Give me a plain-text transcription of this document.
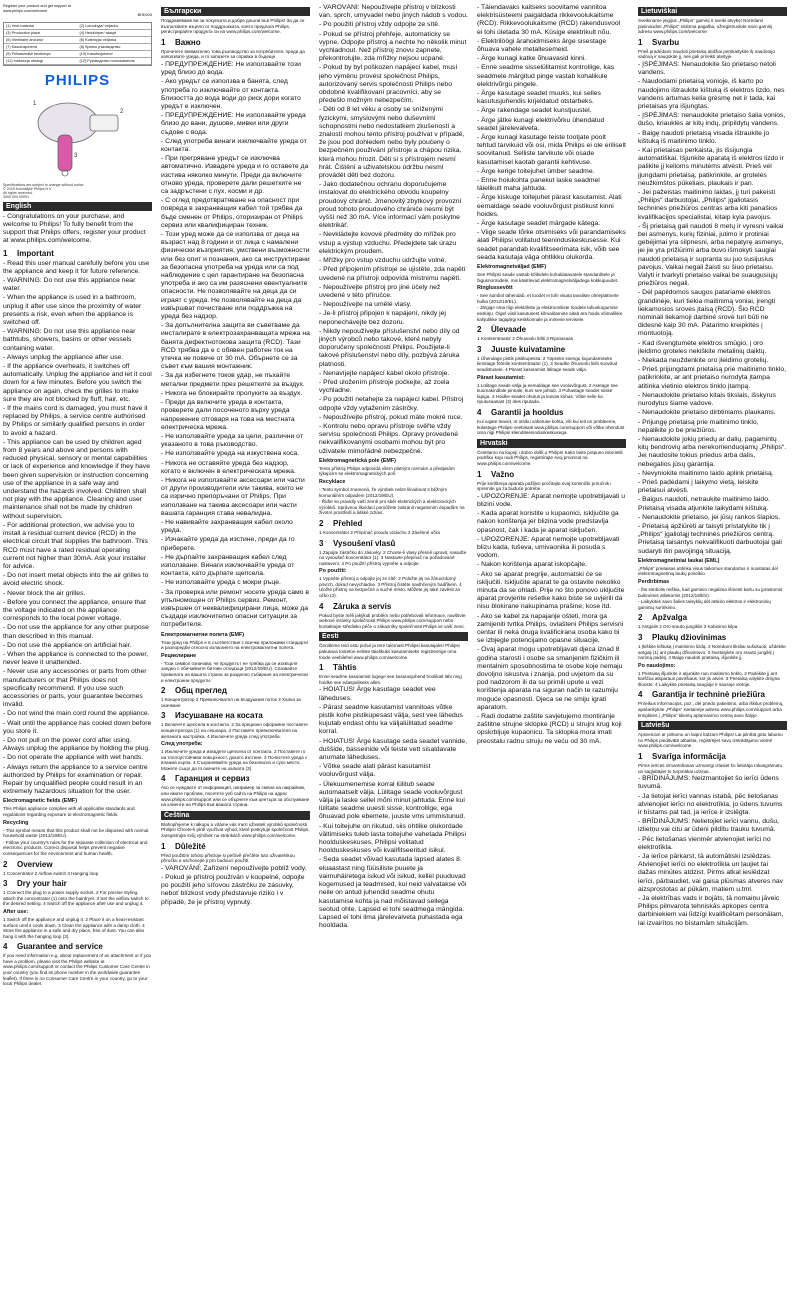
Register your product and get support at
www.philips.com/welcome
BHD003
(1) Vent material	(2) Lomolnyja/ veljarka
(3) Production place	(4) Heizkörper/ ataupt
(5) Vientilaire ancurrur	(6) Kotelnyja/ veljarka
(7) Kasutusjuhend	(8) Кратко ръководство
(9) Felhasználói kézikönyv	(10) Kasutusjuhend
(11) Instrukcja obsługi	(12) Руководство пользователя
PHILIPS
1
2
3
Specifications are subject to change without notice
© 2018 Koninklijke Philips N.V.
All rights reserved.
3000 000 00091
English
- Congratulations on your purchase, and welcome to Philips! To fully benefit from the support that Philips offers, register your product at www.philips.com/welcome.
1 Important
- Read this user manual carefully before you use the appliance and keep it for future reference.
- WARNING: Do not use this appliance near water.
- When the appliance is used in a bathroom, unplug it after use since the proximity of water presents a risk, even when the appliance is switched off.
- WARNING: Do not use this appliance near bathtubs, showers, basins or other vessels containing water.
- Always unplug the appliance after use.
- If the appliance overheats, it switches off automatically. Unplug the appliance and let it cool down for a few minutes. Before you switch the appliance on again, check the grilles to make sure they are not blocked by fluff, hair, etc.
- If the mains cord is damaged, you must have it replaced by Philips, a service centre authorised by Philips or similarly qualified persons in order to avoid a hazard.
- This appliance can be used by children aged from 8 years and above and persons with reduced physical, sensory or mental capabilities or lack of experience and knowledge if they have been given supervision or instruction concerning use of the appliance in a safe way and understand the hazards involved. Children shall not play with the appliance. Cleaning and user maintenance shall not be made by children without supervision.
- For additional protection, we advise you to install a residual current device (RCD) in the electrical circuit that supplies the bathroom. This RCD must have a rated residual operating current not higher than 30mA. Ask your installer for advice.
- Do not insert metal objects into the air grilles to avoid electric shock.
- Never block the air grilles.
- Before you connect the appliance, ensure that the voltage indicated on the appliance corresponds to the local power voltage.
- Do not use the appliance for any other purpose than described in this manual.
- Do not use the appliance on artificial hair.
- When the appliance is connected to the power, never leave it unattended.
- Never use any accessories or parts from other manufacturers or that Philips does not specifically recommend. If you use such accessories or parts, your guarantee becomes invalid.
- Do not wind the main cord round the appliance.
- Wait until the appliance has cooled down before you store it.
- Do not pull on the power cord after using. Always unplug the appliance by holding the plug.
- Do not operate the appliance with wet hands.
- Always return the appliance to a service centre authorized by Philips for examination or repair. Repair by unqualified people could result in an extremely hazardous situation for the user.
Electromagnetic fields (EMF)
This Philips appliance complies with all applicable standards and regulations regarding exposure to electromagnetic fields.
Recycling
- This symbol means that this product shall not be disposed with normal household waste (2012/19/EU).
- Follow your country's rules for the separate collection of electrical and electronic products. Correct disposal helps prevent negative consequences for the environment and human health.
2 Overview
1 Concentrator 2 Airflow switch 3 Hanging loop
3 Dry your hair
1 Connect the plug to a power supply socket. 2 For precise styling, attach the concentrator (1) onto the hairdryer. 3 Set the airflow switch to the desired setting. 4 Switch off the appliance after use and unplug it.
After use:
1 Switch off the appliance and unplug it. 2 Place it on a heat-resistant surface until it cools down. 3 Clean the appliance with a damp cloth. 4 Store the appliance in a safe and dry place, free of dust. You can also hang it with the hanging loop (3).
4 Guarantee and service
If you need information e.g. about replacement of an attachment or if you have a problem, please visit the Philips website at www.philips.com/support or contact the Philips Customer Care Centre in your country (you find its phone number in the worldwide guarantee leaflet). If there is no Consumer Care Centre in your country, go to your local Philips dealer.
Български
Поздравяваме ви за покупката и добре дошли във Philips! За да се възползвате изцяло от поддръжката, която предлага Philips, регистрирайте продукта си на www.philips.com/welcome.
1 Важно
Прочетете внимателно това ръководство за потребителя, преди да използвате уреда, и го запазете за справка в бъдеще.
- ПРЕДУПРЕЖДЕНИЕ: Не използвайте този уред близо до вода.
- Ако уредът се използва в банята, след употреба го изключвайте от контакта. Близостта до вода води до риск дори когато уредът е изключен.
- ПРЕДУПРЕЖДЕНИЕ: Не използвайте уреда близо до вани, душове, мивки или други съдове с вода.
- След употреба винаги изключвайте уреда от контакта.
- При прегряване уредът се изключва автоматично. Извадете уреда и го оставете да изстива няколко минути. Преди да включите отново уреда, проверете дали решетките не са задръстени с пух, косми и др.
- С оглед предотвратяване на опасност при повреда в захранващия кабел той трябва да бъде сменен от Philips, оторизиран от Philips сервиз или квалифициран техник.
- Този уред може да се използва от деца на възраст над 8 години и от лица с намалени физически възприятия, умствени възможности или без опит и познания, ако са инструктирани за безопасна употреба на уреда или са под наблюдение с цел гарантиране на безопасна употреба и ако са им разяснени евентуалните опасности. Не позволявайте на деца да си играят с уреда. Не позволявайте на деца да извършват почистване или поддръжка на уреда без надзор.
- За допълнителна защита ви съветваме да инсталирате в електрозахранващата мрежа на банята дефектнотокова защита (RCD). Тази RCD трябва да е с обявен работен ток на утечка не повече от 30 mA. Обърнете се за съвет към вашия монтажник.
- За да избегнете токов удар, не пъхайте метални предмети през решетките за въздух.
- Никога не блокирайте пролуките за въздух.
- Преди да включите уреда в контакта, проверете дали посоченото върху уреда напрежение отговаря на това на местната електрическа мрежа.
- Не използвайте уреда за цели, различни от указаното в това ръководство.
- Не използвайте уреда на изкуствена коса.
- Никога не оставяйте уреда без надзор, когато е включен в електрическата мрежа.
- Никога не използвайте аксесоари или части от други производители или такива, които не са изрично препоръчани от Philips. При използване на такива аксесоари или части вашата гаранция става невалидна.
- Не навивайте захранващия кабел около уреда.
- Изчакайте уреда да изстине, преди да го приберете.
- Не дърпайте захранващия кабел след използване. Винаги изключвайте уреда от контакта, като дърпате щепсела.
- Не използвайте уреда с мокри ръце.
- За проверка или ремонт носете уреда само в упълномощен от Philips сервиз. Ремонт, извършен от неквалифицирани лица, може да създаде изключително опасни ситуации за потребителя.
Електромагнитни полета (EMF)
Този уред на Philips е в съответствие с всички приложими стандарти и разпоредби относно излагането на електромагнитни полета.
Рециклиране
- Този символ означава, че продуктът не трябва да се изхвърля заедно с обичайните битови отпадъци (2012/19/EU). Спазвайте правилата на вашата страна за разделно събиране на електрически и електронни продукти.
2 Общ преглед
1 Концентратор 2 Превключвател на въздушния поток 3 Халка за окачване
3 Изсушаване на косата
1 Включете щепсела в контакта. 2 За прецизно оформяне поставете концентратора (1) на сешоара. 3 Поставете превключвателя на желаната настройка. 4 Изключете уреда след употреба.
След употреба:
1 Изключете уреда и извадете щепсела от контакта. 2 Поставете го на топлоустойчива повърхност, докато изстине. 3 Почистете уреда с влажна кърпа. 4 Съхранявайте уреда на безопасно и сухо място. Можете също да го окачите на халката (3).
4 Гаранция и сервиз
Ако се нуждаете от информация, например за смяна на накрайник, или имате проблем, посетете уеб сайта на Philips на адрес www.philips.com/support или се обърнете към центъра за обслужване на клиенти на Philips във вашата страна.
Čeština
Blahopřejeme k nákupu a vítáme vás mezi uživateli výrobků společnosti Philips! Chcete-li plně využívat výhod, které poskytuje společnost Philips, zaregistrujte svůj výrobek na stránkách www.philips.com/welcome.
1 Důležité
Před použitím tohoto přístroje si pečlivě přečtěte tuto uživatelskou příručku a uschovejte ji pro budoucí použití.
- VAROVÁNÍ: Zařízení nepoužívejte poblíž vody.
- Pokud je přístroj používán v koupelně, odpojte po použití jeho síťovou zástrčku ze zásuvky, neboť blízkost vody představuje riziko i v případě, že je přístroj vypnutý.
- VAROVÁNÍ: Nepoužívejte přístroj v blízkosti van, sprch, umyvadel nebo jiných nádob s vodou.
- Po použití přístroj vždy odpojte ze sítě.
- Pokud se přístroj přehřeje, automaticky se vypne. Odpojte přístroj a nechte ho několik minut vychladnout. Než přístroj znovu zapnete, překontrolujte, zda mřížky nejsou ucpané.
- Pokud by byl poškozen napájecí kabel, musí jeho výměnu provést společnost Philips, autorizovaný servis společnosti Philips nebo obdobně kvalifikovaní pracovníci, aby se předešlo možným nebezpečím.
- Děti od 8 let věku a osoby se sníženými fyzickými, smyslovými nebo duševními schopnostmi nebo nedostatkem zkušeností a znalostí mohou tento přístroj používat v případě, že jsou pod dohledem nebo byly poučeny o bezpečném používání přístroje a chápou rizika, která mohou hrozit. Děti si s přístrojem nesmí hrát. Čištění a uživatelskou údržbu nesmí provádět děti bez dozoru.
- Jako dodatečnou ochranu doporučujeme instalovat do elektrického obvodu koupelny proudový chránič. Jmenovitý zbytkový provozní proud tohoto proudového chrániče nesmí být vyšší než 30 mA. Více informací vám poskytne elektrikář.
- Nevkládejte kovové předměty do mřížek pro vstup a výstup vzduchu. Předejdete tak úrazu elektrickým proudem.
- Mřížky pro vstup vzduchu udržujte volné.
- Před připojením přístroje se ujistěte, zda napětí uvedené na přístroji odpovídá místnímu napětí.
- Nepoužívejte přístroj pro jiné účely než uvedené v této příručce.
- Nepoužívejte na umělé vlasy.
- Je-li přístroj připojen k napájení, nikdy jej neponechávejte bez dozoru.
- Nikdy nepoužívejte příslušenství nebo díly od jiných výrobců nebo takové, které nebyly doporučeny společností Philips. Použijete-li takové příslušenství nebo díly, pozbývá záruka platnosti.
- Nenavíjejte napájecí kabel okolo přístroje.
- Před uložením přístroje počkejte, až zcela vychladne.
- Po použití netahejte za napájecí kabel. Přístroj odpojte vždy vytažením zástrčky.
- Nepoužívejte přístroj, pokud máte mokré ruce.
- Kontrolu nebo opravu přístroje svěřte vždy servisu společnosti Philips. Opravy provedené nekvalifikovanými osobami mohou být pro uživatele mimořádně nebezpečné.
Elektromagnetická pole (EMF)
Tento přístroj Philips odpovídá všem platným normám a předpisům týkajícím se elektromagnetických polí.
Recyklace
- Tento symbol znamená, že výrobek nelze likvidovat s běžným komunálním odpadem (2012/19/EU).
- Řiďte se pravidly vaší země pro sběr elektrických a elektronických výrobků. Správnou likvidací pomůžete zabránit negativním dopadům na životní prostředí a lidské zdraví.
2 Přehled
1 Koncentrátor 2 Přepínač proudu vzduchu 3 Závěsné očko
3 Vysoušení vlasů
1 Zapojte zástrčku do zásuvky. 2 Chcete-li vlasy přesně upravit, nasaďte na vysoušeč koncentrátor (1). 3 Nastavte přepínač na požadované nastavení. 4 Po použití přístroj vypněte a odpojte.
Po použití:
1 Vypněte přístroj a odpojte jej ze sítě. 2 Položte jej na žáruvzdorný povrch, dokud nevychladne. 3 Přístroj čistěte navlhčeným hadříkem. 4 Uložte přístroj na bezpečné a suché místo. Můžete jej také zavěsit za očko (3).
4 Záruka a servis
Pokud byste měli jakýkoli problém nebo potřebovali informace, navštivte webové stránky společnosti Philips www.philips.com/support nebo kontaktujte středisko péče o zákazníky společnosti Philips ve vaší zemi.
Eesti
Õnnitleme teid ostu puhul ja tere tulemast Philipsi kasutajaks! Philipsi pakutava tootetoe eeliste täielikuks kasutamiseks registreerige oma toode veebilehel www.philips.com/welcome.
1 Tähtis
Enne seadme kasutamist lugege see kasutusjuhend hoolikalt läbi ning hoidke see edaspidiseks alles.
- HOIATUS! Ärge kasutage seadet vee läheduses.
- Pärast seadme kasutamist vannitoas võtke pistik kohe pistikupesast välja, sest vee lähedus kujutab endast ohtu ka väljalülitatud seadme korral.
- HOIATUS! Ärge kasutage seda seadet vannide, duššide, basseinide või teiste vett sisaldavate anumate läheduses.
- Võtke seade alati pärast kasutamist vooluvõrgust välja.
- Ülekuumenemise korral lülitub seade automaatselt välja. Lülitage seade vooluvõrgust välja ja laske sellel mõni minut jahtuda. Enne kui lülitate seadme uuesti sisse, kontrollige, ega õhuavad pole ebemete, juuste vms ummistunud.
- Kui toitejuhe on rikutud, siis ohtlike olukordade vältimiseks tuleb lasta toitejuhe vahetada Philipsi hoolduskeskuses, Philipsi volitatud hoolduskeskuses või kvalifitseeritud isikul.
- Seda seadet võivad kasutada lapsed alates 8. eluaastast ning füüsiliste puuete ja vaimuhäiretega isikud või isikud, kellel puuduvad kogemused ja teadmised, kui neid valvatakse või neile on antud juhendid seadme ohutu kasutamise kohta ja nad mõistavad sellega seotud ohte. Lapsed ei tohi seadmega mängida. Lapsed ei tohi ilma järelevalveta puhastada ega hooldada.
- Täiendavaks kaitseks soovitame vannitoa elektrisüsteemi paigaldada rikkevoolukaitsme (RCD). Rikkevoolukaitsme (RCD) rakendusvool ei tohi ületada 30 mA. Küsige elektrikult nõu.
- Elektrilöögi ärahoidmiseks ärge sisestage õhuava vahele metallesemeid.
- Ärge kunagi katke õhuavasid kinni.
- Enne seadme sisselülitamist kontrollige, kas seadmele märgitud pinge vastab kohalikule elektrivõrgu pingele.
- Ärge kasutage seadet muuks, kui selles kasutusjuhendis kirjeldatud otstarbeks.
- Ärge rakendage seadet kunstjuustel.
- Ärge jätke kunagi elektrivõrku ühendatud seadet järelevalveta.
- Ärge kunagi kasutage teiste tootjate poolt tehtud tarvikuid või osi, mida Philips ei ole eriliselt soovitanud. Selliste tarvikute või osade kasutamisel kaotab garantii kehtivuse.
- Ärge kerige toitejuhet ümber seadme.
- Enne hoiukohta panekut laske seadmel täielikult maha jahtuda.
- Ärge kiskuge toitejuhet pärast kasutamist. Alati eemaldage seade vooluvõrgust pistikust kinni hoides.
- Ärge kasutage seadet märgade kätega.
- Viige seade tõrke otsimiseks või parandamiseks alati Philipsi volitatud teeninduskeskusesse. Kui seadet parandab kvalifitseerimata isik, võib see seada kasutaja väga ohtlikku olukorda.
Elektromagnetväljad (EMF)
See Philipsi seade vastab kõikidele kohaldatavatele standarditele ja õigusnormidele, mis käsitlevad elektromagnetväljadega kokkupuudet.
Ringlussevõtt
- See sümbol tähendab, et toodet ei tohi visata tavaliste olmejäätmete hulka (2012/19/EL).
- Järgige oma riigi elektriliste ja elektrooniliste toodete lahuskogumise eeskirju. Õigel viisil kasutusest kõrvaldamine aitab ära hoida võimalikke kahjulikke tagajärgi keskkonnale ja inimese tervisele.
2 Ülevaade
1 Kontsentraator 2 Õhuvoolu lüliti 3 Riputusaas
3 Juuste kuivatamine
1 Ühendage pistik pistikupessa. 2 Täpseks soengu kujundamiseks kinnitage föönile kontsentraator (1). 3 Seadke õhuvoolu lüliti soovitud seadistusele. 4 Pärast kasutamist lülitage seade välja.
Pärast kasutamist:
1 Lülitage seade välja ja eemaldage see vooluvõrgust. 2 Asetage see kuumakindlale pinnale, kuni see jahtub. 3 Puhastage seadet niiske lapiga. 4 Hoidke seadet ohutus ja kuivas kohas. Võite selle ka riputusaasast (3) üles riputada.
4 Garantii ja hooldus
Kui vajate teavet, nt otsiku vahetuse kohta, või kui teil on probleeme, külastage Philipsi veebisaiti www.philips.com/support või võtke ühendust oma riigi Philipsi klienditeeninduskeskusega.
Hrvatski
Čestitamo na kupnji i dobro došli u Philips! Kako biste potpuno iskoristili podršku koju nudi Philips, registrirajte svoj proizvod na www.philips.com/welcome.
1 Važno
Prije korištenja aparata pažljivo pročitajte ovaj korisnički priručnik i spremite ga za buduće potrebe.
- UPOZORENJE: Aparat nemojte upotrebljavati u blizini vode.
- Kada aparat koristite u kupaonici, isključite ga nakon korištenja jer blizina vode predstavlja opasnost, čak i kada je aparat isključen.
- UPOZORENJE: Aparat nemojte upotrebljavati blizu kada, tuševa, umivaonika ili posuda s vodom.
- Nakon korištenja aparat iskopčajte.
- Ako se aparat pregrije, automatski će se isključiti. Isključite aparat te ga ostavite nekoliko minuta da se ohladi. Prije no što ponovo uključite aparat provjerite rešetke kako biste se uvjerili da nisu blokirane nakupinama prašine, kose itd.
- Ako se kabel za napajanje ošteti, mora ga zamijeniti tvrtka Philips, ovlašteni Philips servisni centar ili neka druga kvalificirana osoba kako bi se izbjegle potencijalno opasne situacije.
- Ovaj aparat mogu upotrebljavati djeca iznad 8 godina starosti i osobe sa smanjenim fizičkim ili mentalnim sposobnostima te osobe koje nemaju dovoljno iskustva i znanja, pod uvjetom da su pod nadzorom ili da su primili upute u vezi korištenja aparata na siguran način te razumiju moguće opasnosti. Djeca se ne smiju igrati aparatom.
- Radi dodatne zaštite savjetujemo montiranje zaštitne strujne sklopke (RCD) u strujni krug koji opskrbljuje kupaonicu. Ta sklopka mora imati preostalu radnu struju ne veću od 30 mA.
Lietuviškai
Sveikiname įsigijus „Philips“ gaminį ir sveiki atvykę! Norėdami pasinaudoti „Philips“ siūloma pagalba, užregistruokite savo gaminį adresu www.philips.com/welcome.
1 Svarbu
Prieš pradėdami naudoti prietaisą atidžiai perskaitykite šį naudotojo vadovą ir saugokite jį, nes gali prireikti ateityje.
- ĮSPĖJIMAS: Nenaudokite šio prietaiso netoli vandens.
- Naudodami prietaisą vonioje, iš karto po naudojimo ištraukite kištuką iš elektros lizdo, nes vandens artumas kelia grėsmę net ir tada, kai prietaisas yra išjungtas.
- ĮSPĖJIMAS: nenaudokite prietaiso šalia vonios, dušo, kriauklės ar kitų indų, pripildytų vandens.
- Baigę naudoti prietaisą visada ištraukite jo kištuką iš maitinimo tinklo.
- Kai prietaisas perkaista, jis išsijungia automatiškai. Išjunkite aparatą iš elektros lizdo ir palikite jį kelioms minutėms atvėsti. Prieš vėl įjungdami prietaisą, patikrinkite, ar grotelės neužkimštos pūkeliais, plaukais ir pan.
- Jei pažeistas maitinimo laidas, jį turi pakeisti „Philips“ darbuotojai, „Philips“ įgaliotasis techninės priežiūros centras arba kiti panašios kvalifikacijos specialistai, kitaip kyla pavojus.
- Šį prietaisą gali naudoti 8 metų ir vyresni vaikai bei asmenys, kurių fiziniai, jutimo ir protiniai gebėjimai yra silpnesni, arba nepatyrę asmenys, jei jie yra prižiūrimi arba buvo išmokyti saugiai naudoti prietaisą ir supranta su juo susijusius pavojus. Vaikai negali žaisti su šiuo prietaisu. Valyti ir tvarkyti prietaiso vaikai be suaugusiųjų priežiūros negali.
- Dėl papildomos saugos patariame elektros grandinėje, kuri tiekia maitinimą voniai, įrengti liekamosios srovės įtaisą (RCD). Šio RCD nominali liekamoji darbinė srovė turi būti ne didesnė kaip 30 mA. Patarimo kreipkitės į montuotoją.
- Kad išvengtumėte elektros smūgio, į oro įleidimo groteles nekiškite metalinių daiktų.
- Niekada neuždenkite oro įleidimo grotelių.
- Prieš prijungdami prietaisą prie maitinimo tinklo, patikrinkite, ar ant prietaiso nurodyta įtampa atitinka vietinio elektros tinklo įtampą.
- Nenaudokite prietaiso kitais tikslais, išskyrus nurodytus šiame vadove.
- Nenaudokite prietaiso dirbtiniams plaukams.
- Prijungę prietaisą prie maitinimo tinklo, nepalikite jo be priežiūros.
- Nenaudokite jokių priedų ar dalių, pagamintų kitų bendrovių arba nerekomenduojamų „Philips“. Jei naudosite tokius priedus arba dalis, nebegalios jūsų garantija.
- Nevyniokite maitinimo laido aplink prietaisą.
- Prieš padėdami į laikymo vietą, leiskite prietaisui atvėsti.
- Baigus naudoti, netraukite maitinimo laido. Prietaisą visada atjunkite laikydami kištuką.
- Nenaudokite prietaiso, jei jūsų rankos šlapios.
- Prietaisą apžiūrėti ar taisyti pristatykite tik į „Philips“ įgaliotąjį techninės priežiūros centrą. Prietaisą taisantys nekvalifikuoti darbuotojai gali sudaryti itin pavojingą situaciją.
Elektromagnetiniai laukai (EML)
„Philips“ prietaisas atitinka visus taikomus standartus ir nuostatas dėl elektromagnetinių laukų poveikio.
Perdirbimas
- Šis simbolis reiškia, kad gaminio negalima išmesti kartu su įprastomis buitinėmis atliekomis (2012/19/ES).
- Laikykitės savo šalies taisyklių dėl atskiro elektros ir elektroninių gaminių surinkimo.
2 Apžvalga
1 Antgalis 2 Oro srauto jungiklis 3 Kabinimo kilpa
3 Plaukų džiovinimas
1 Įkiškite kištuką į maitinimo lizdą. 2 Norėdami tiksliai sušukuoti, uždėkite antgalį (1) ant plaukų džiovintuvo. 3 Nustatykite oro srauto jungiklį į norimą padėtį. 4 Baigę naudoti prietaisą, išjunkite jį.
Po naudojimo:
1 Prietaisą išjunkite ir atjunkite nuo maitinimo tinklo. 2 Padėkite jį ant karščiui atsparaus paviršiaus, kol jis atvės. 3 Prietaisą valykite drėgna šluoste. 4 Laikykite prietaisą saugioje ir sausoje vietoje.
4 Garantija ir techninė priežiūra
Prireikus informacijos, pvz., dėl priedo pakeitimo, arba iškilus problemų, apsilankykite „Philips“ svetainėje adresu www.philips.com/support arba kreipkitės į „Philips“ klientų aptarnavimo centrą savo šalyje.
Latviešu
Apsveicam ar pirkumu un laipni lūdzam Philips! Lai pilnībā gūtu labumu no Philips piedāvātā atbalsta, reģistrējiet savu izstrādājumu vietnē www.philips.com/welcome.
1 Svarīga informācija
Pirms ierīces izmantošanas uzmanīgi izlasiet šo lietotāja rokasgrāmatu un saglabājiet to turpmākai uzziņai.
- BRĪDINĀJUMS: Neizmantojiet šo ierīci ūdens tuvumā.
- Ja lietojat ierīci vannas istabā, pēc lietošanas atvienojiet ierīci no elektrotīkla, jo ūdens tuvums ir bīstams pat tad, ja ierīce ir izslēgta.
- BRĪDINĀJUMS: Nelietojiet ierīci vannu, dušu, izlietņu vai citu ar ūdeni pildītu trauku tuvumā.
- Pēc lietošanas vienmēr atvienojiet ierīci no elektrotīkla.
- Ja ierīce pārkarst, tā automātiski izslēdzas. Atvienojiet ierīci no elektrotīkla un ļaujiet tai dažas minūtes atdzist. Pirms atkal ieslēdzat ierīci, pārbaudiet, vai gaisa plūsmas atveres nav aizsprostotas ar pūkām, matiem u.tml.
- Ja elektrības vads ir bojāts, tā nomaiņu jāveic Philips pilnvarota tehniskās apkopes centra darbiniekiem vai līdzīgi kvalificētam personālam, lai izvairītos no bīstamām situācijām.
